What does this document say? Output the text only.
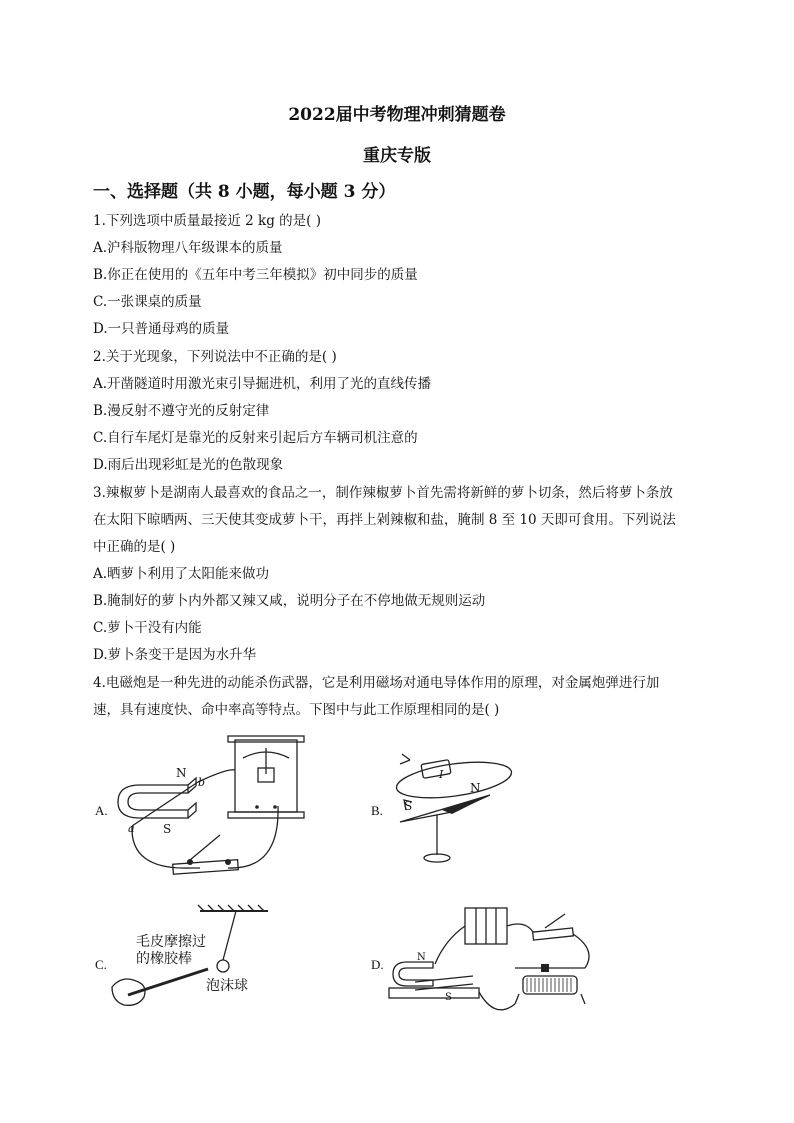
2022届中考物理冲刺猜题卷
重庆专版
一、选择题（共 8 小题，每小题 3 分）
1.下列选项中质量最接近 2 kg 的是( )
A.沪科版物理八年级课本的质量
B.你正在使用的《五年中考三年模拟》初中同步的质量
C.一张课桌的质量
D.一只普通母鸡的质量
2.关于光现象，下列说法中不正确的是( )
A.开凿隧道时用激光束引导掘进机，利用了光的直线传播
B.漫反射不遵守光的反射定律
C.自行车尾灯是靠光的反射来引起后方车辆司机注意的
D.雨后出现彩虹是光的色散现象
3.辣椒萝卜是湖南人最喜欢的食品之一，制作辣椒萝卜首先需将新鲜的萝卜切条，然后将萝卜条放
在太阳下晾晒两、三天使其变成萝卜干，再拌上剁辣椒和盐，腌制 8 至 10 天即可食用。下列说法
中正确的是( )
A.晒萝卜利用了太阳能来做功
B.腌制好的萝卜内外都又辣又咸，说明分子在不停地做无规则运动
C.萝卜干没有内能
D.萝卜条变干是因为水升华
4.电磁炮是一种先进的动能杀伤武器，它是利用磁场对通电导体作用的原理，对金属炮弹进行加
速，具有速度快、命中率高等特点。下图中与此工作原理相同的是( )
A.
N
S
a
b
B.
I
N
S
C.
毛皮摩擦过
的橡胶棒
泡沫球
D.	N
S
